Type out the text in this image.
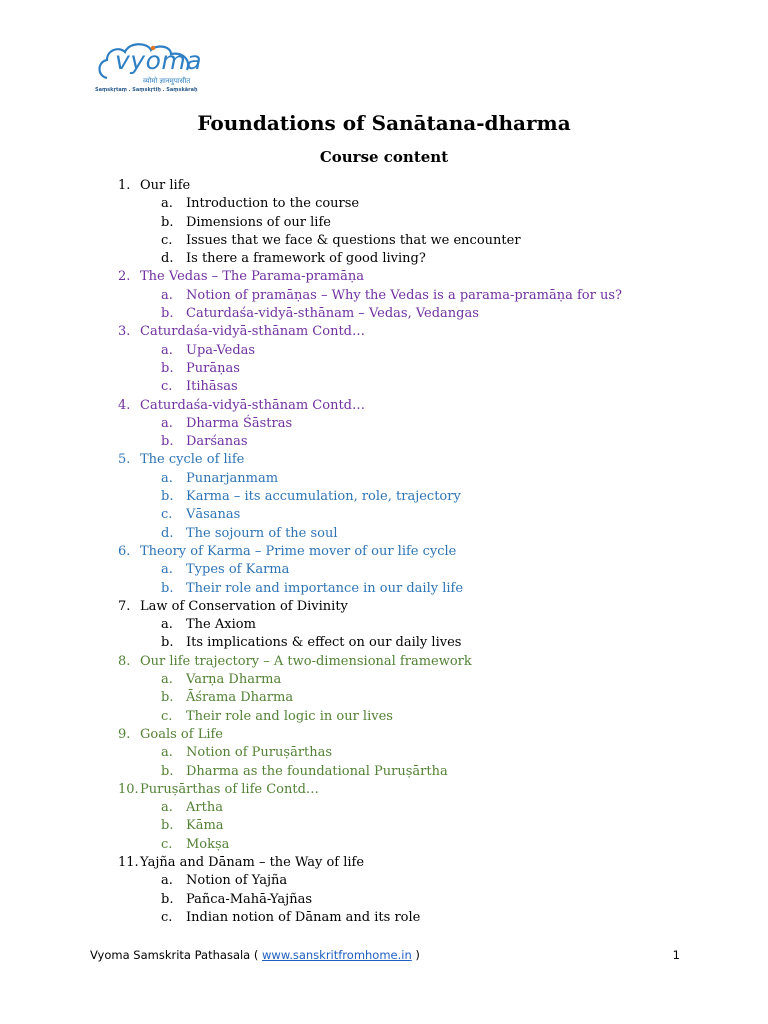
vyoma
व्योमो ज्ञानमुपासीत
Saṃskṛtaṃ . Saṃskṛtiḥ . Saṃskāraḥ
Foundations of Sanātana-dharma
Course content
1. Our life
a.	Introduction to the course
b. Dimensions of our life
c.	Issues that we face & questions that we encounter
d. Is there a framework of good living?
2. The Vedas – The Parama-pramāṇa
a.	Notion of pramāṇas – Why the Vedas is a parama-pramāṇa for us?
b. Caturdaśa-vidyā-sthānam – Vedas, Vedangas
3. Caturdaśa-vidyā-sthānam Contd…
a.	Upa-Vedas
b. Purāṇas
c.	Itihāsas
4. Caturdaśa-vidyā-sthānam Contd…
a.	Dharma Śāstras
b. Darśanas
5. The cycle of life
a.	Punarjanmam
b. Karma – its accumulation, role, trajectory
c.	Vāsanas
d. The sojourn of the soul
6. Theory of Karma – Prime mover of our life cycle
a.	Types of Karma
b. Their role and importance in our daily life
7. Law of Conservation of Divinity
a.	The Axiom
b. Its implications & effect on our daily lives
8. Our life trajectory – A two-dimensional framework
a.	Varṇa Dharma
b. Āśrama Dharma
c.	Their role and logic in our lives
9. Goals of Life
a.	Notion of Puruṣārthas
b. Dharma as the foundational Puruṣārtha
10. Puruṣārthas of life Contd…
a.	Artha
b. Kāma
c.	Mokṣa
11. Yajña and Dānam – the Way of life
a.	Notion of Yajña
b. Pañca-Mahā-Yajñas
c.	Indian notion of Dānam and its role
Vyoma Samskrita Pathasala ( www.sanskritfromhome.in )	1
